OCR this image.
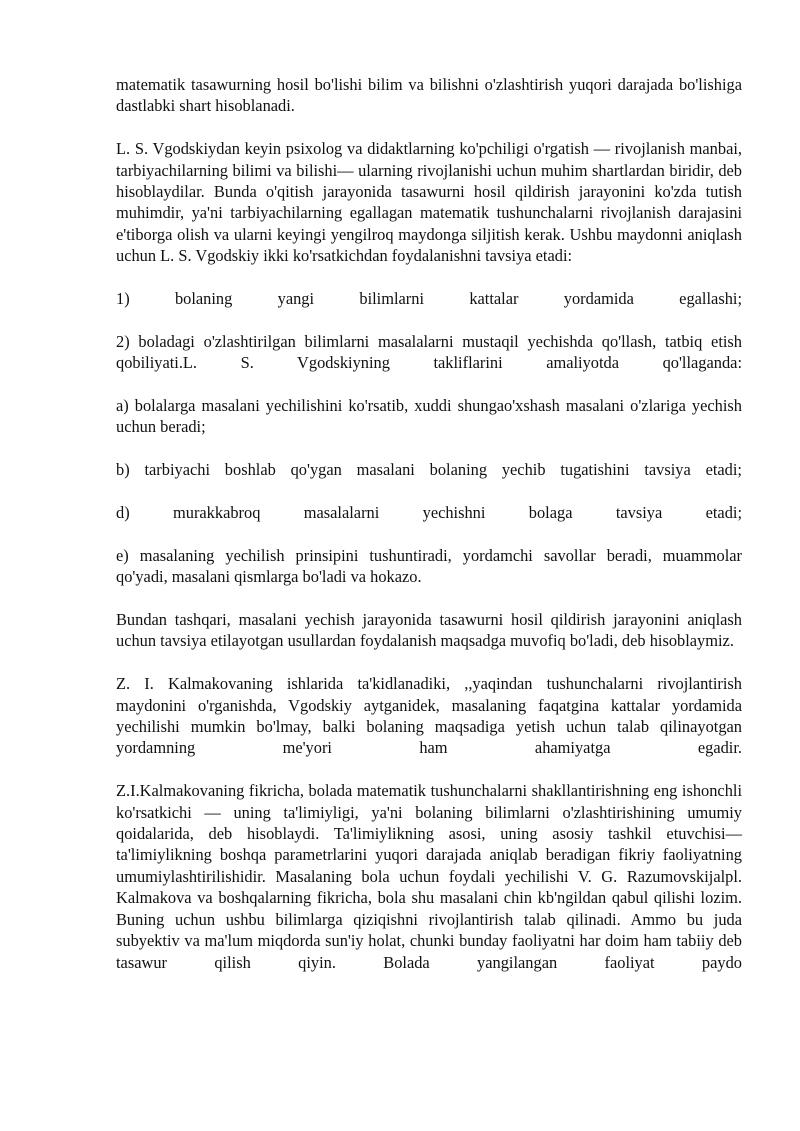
matematik tasawurning hosil bo'lishi bilim va bilishni o'zlashtirish yuqori darajada bo'lishiga dastlabki shart hisoblanadi.

L. S. Vgodskiydan keyin psixolog va didaktlarning ko'pchiligi o'rgatish — rivojlanish manbai, tarbiyachilarning bilimi va bilishi— ularning rivojlanishi uchun muhim shartlardan biridir, deb hisoblaydilar. Bunda o'qitish jarayonida tasawurni hosil qildirish jarayonini ko'zda tutish muhimdir, ya'ni tarbiyachilarning egallagan matematik tushunchalarni rivojlanish darajasini e'tiborga olish va ularni keyingi yengilroq maydonga siljitish kerak. Ushbu maydonni aniqlash uchun L. S. Vgodskiy ikki ko'rsatkichdan foydalanishni tavsiya etadi:

1) bolaning yangi bilimlarni kattalar yordamida egallashi;

2) boladagi o'zlashtirilgan bilimlarni masalalarni mustaqil yechishda qo'llash, tatbiq etish qobiliyati.L. S. Vgodskiyning takliflarini amaliyotda qo'llaganda:

a) bolalarga masalani yechilishini ko'rsatib, xuddi shungao'xshash masalani o'zlariga yechish uchun beradi;

b) tarbiyachi boshlab qo'ygan masalani bolaning yechib tugatishini tavsiya etadi;

d) murakkabroq masalalarni yechishni bolaga tavsiya etadi;

e) masalaning yechilish prinsipini tushuntiradi, yordamchi savollar beradi, muammolar qo'yadi, masalani qismlarga bo'ladi va hokazo.

Bundan tashqari, masalani yechish jarayonida tasawurni hosil qildirish jarayonini aniqlash uchun tavsiya etilayotgan usullardan foydalanish maqsadga muvofiq bo'ladi, deb hisoblaymiz.

Z. I. Kalmakovaning ishlarida ta'kidlanadiki, ,,yaqindan tushunchalarni rivojlantirish maydonini o'rganishda, Vgodskiy aytganidek, masalaning faqatgina kattalar yordamida yechilishi mumkin bo'lmay, balki bolaning maqsadiga yetish uchun talab qilinayotgan yordamning me'yori ham ahamiyatga egadir.

Z.I.Kalmakovaning fikricha, bolada matematik tushunchalarni shakllantirishning eng ishonchli ko'rsatkichi — uning ta'limiyligi, ya'ni bolaning bilimlarni o'zlashtirishining umumiy qoidalarida, deb hisoblaydi. Ta'limiylikning asosi, uning asosiy tashkil etuvchisi— ta'limiylikning boshqa parametrlarini yuqori darajada aniqlab beradigan fikriy faoliyatning umumiylashtirilishidir. Masalaning bola uchun foydali yechilishi V. G. Razumovskijalpl. Kalmakova va boshqalarning fikricha, bola shu masalani chin kb'ngildan qabul qilishi lozim. Buning uchun ushbu bilimlarga qiziqishni rivojlantirish talab qilinadi. Ammo bu juda subyektiv va ma'lum miqdorda sun'iy holat, chunki bunday faoliyatni har doim ham tabiiy deb tasawur qilish qiyin. Bolada yangilangan faoliyat paydo
